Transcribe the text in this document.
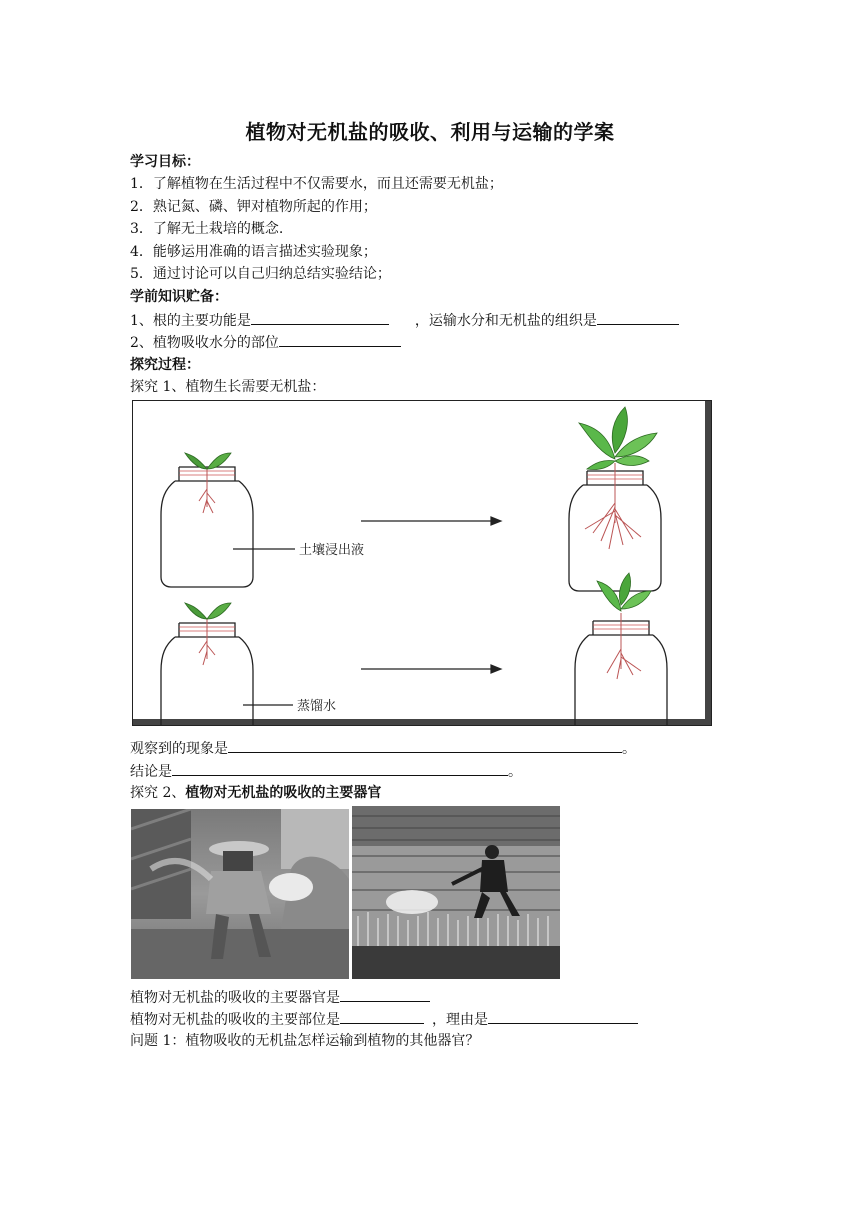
植物对无机盐的吸收、利用与运输的学案
学习目标：
1．了解植物在生活过程中不仅需要水，而且还需要无机盐；
2．熟记氮、磷、钾对植物所起的作用；
3．了解无土栽培的概念.
4．能够运用准确的语言描述实验现象；
5．通过讨论可以自己归纳总结实验结论；
学前知识贮备：
1、根的主要功能是	，运输水分和无机盐的组织是
2、植物吸收水分的部位
探究过程：
探究 1、植物生长需要无机盐：
土壤浸出液
蒸馏水
观察到的现象是	。
结论是	。
探究 2、植物对无机盐的吸收的主要器官
植物对无机盐的吸收的主要器官是
植物对无机盐的吸收的主要部位是	，理由是
问题 1：植物吸收的无机盐怎样运输到植物的其他器官？
